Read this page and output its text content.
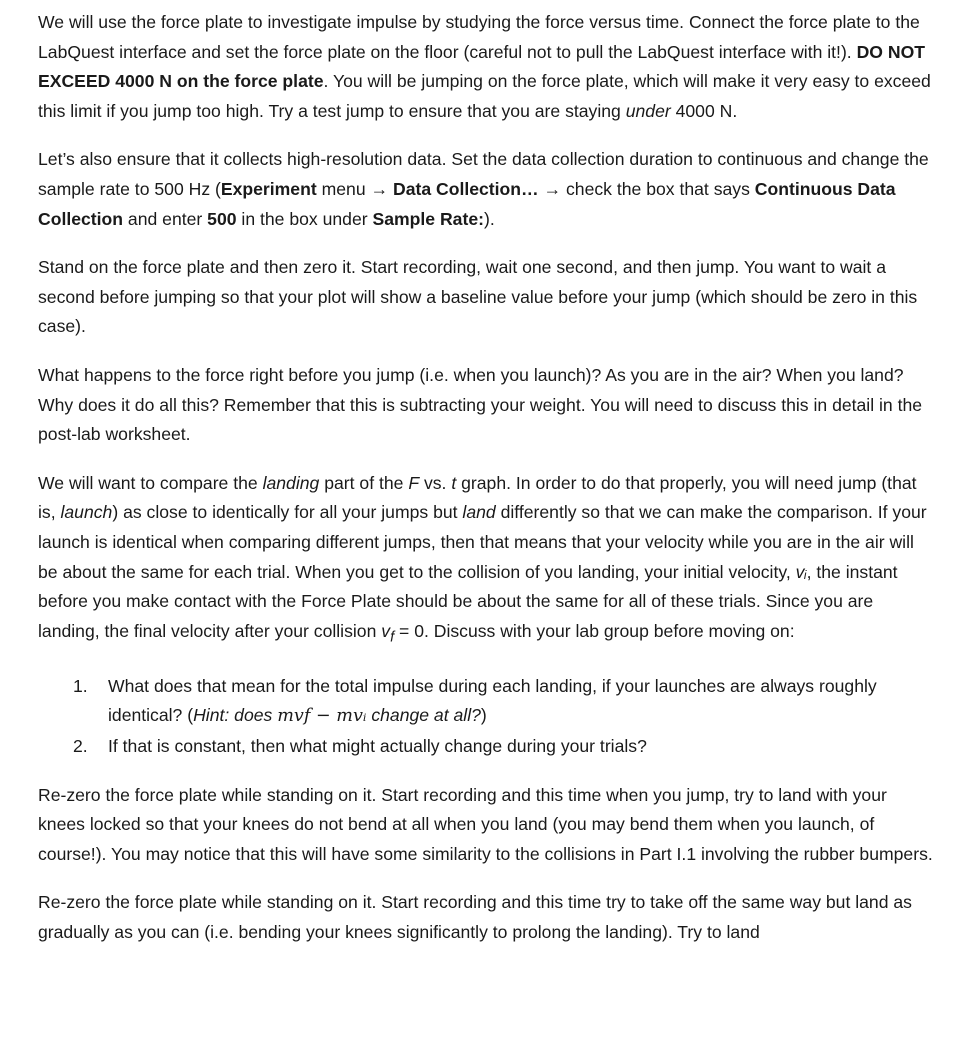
We will use the force plate to investigate impulse by studying the force versus time. Connect the force plate to the LabQuest interface and set the force plate on the floor (careful not to pull the LabQuest interface with it!). DO NOT EXCEED 4000 N on the force plate. You will be jumping on the force plate, which will make it very easy to exceed this limit if you jump too high. Try a test jump to ensure that you are staying under 4000 N.

Let’s also ensure that it collects high-resolution data. Set the data collection duration to continuous and change the sample rate to 500 Hz (Experiment menu → Data Collection… → check the box that says Continuous Data Collection and enter 500 in the box under Sample Rate:).

Stand on the force plate and then zero it. Start recording, wait one second, and then jump. You want to wait a second before jumping so that your plot will show a baseline value before your jump (which should be zero in this case).

What happens to the force right before you jump (i.e. when you launch)? As you are in the air? When you land? Why does it do all this? Remember that this is subtracting your weight. You will need to discuss this in detail in the post-lab worksheet.

We will want to compare the landing part of the F vs. t graph. In order to do that properly, you will need jump (that is, launch) as close to identically for all your jumps but land differently so that we can make the comparison. If your launch is identical when comparing different jumps, then that means that your velocity while you are in the air will be about the same for each trial. When you get to the collision of you landing, your initial velocity, vᵢ, the instant before you make contact with the Force Plate should be about the same for all of these trials. Since you are landing, the final velocity after your collision $v_f = 0$. Discuss with your lab group before moving on:

1. What does that mean for the total impulse during each landing, if your launches are always roughly identical? (Hint: does mv𝑓 − mvᵢ change at all?)
2. If that is constant, then what might actually change during your trials?

Re-zero the force plate while standing on it. Start recording and this time when you jump, try to land with your knees locked so that your knees do not bend at all when you land (you may bend them when you launch, of course!). You may notice that this will have some similarity to the collisions in Part I.1 involving the rubber bumpers.

Re-zero the force plate while standing on it. Start recording and this time try to take off the same way but land as gradually as you can (i.e. bending your knees significantly to prolong the landing). Try to land
